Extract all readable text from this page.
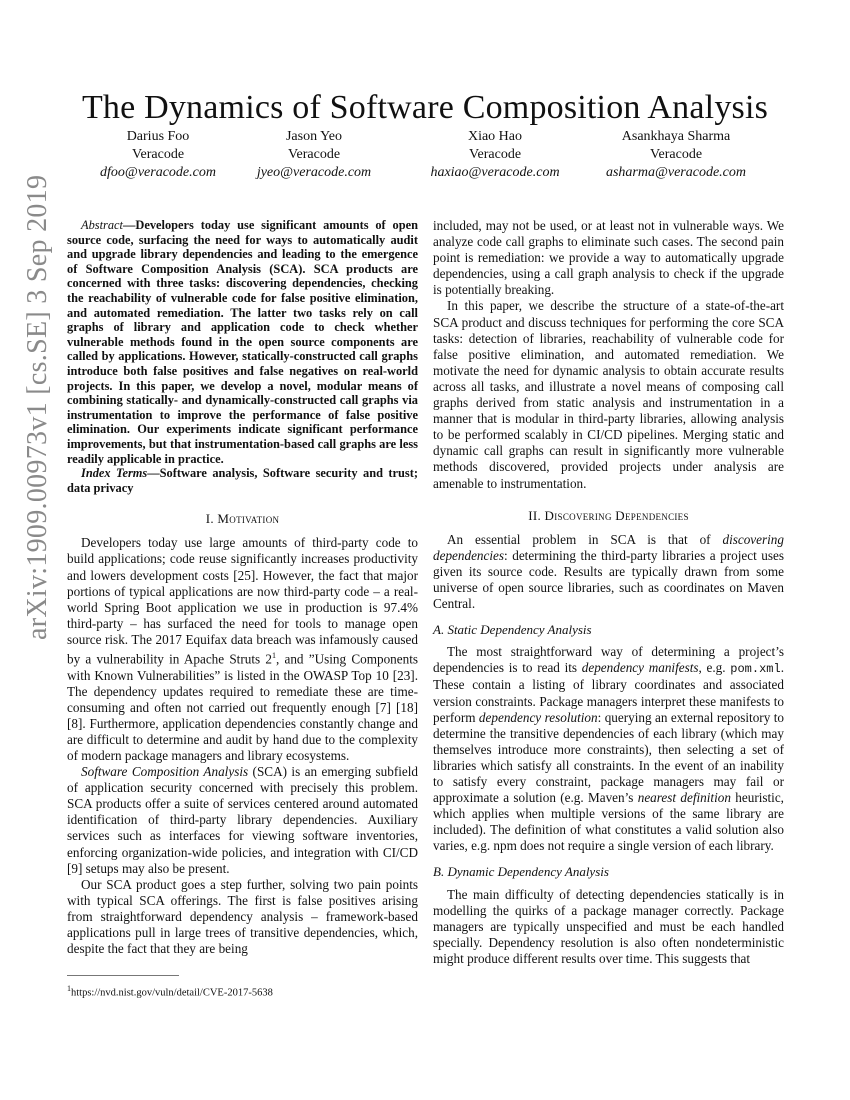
arXiv:1909.00973v1 [cs.SE] 3 Sep 2019
The Dynamics of Software Composition Analysis
Darius Foo
Veracode
dfoo@veracode.com
Jason Yeo
Veracode
jyeo@veracode.com
Xiao Hao
Veracode
haxiao@veracode.com
Asankhaya Sharma
Veracode
asharma@veracode.com

Abstract—Developers today use significant amounts of open source code, surfacing the need for ways to automatically audit and upgrade library dependencies and leading to the emergence of Software Composition Analysis (SCA). SCA products are concerned with three tasks: discovering dependencies, checking the reachability of vulnerable code for false positive elimination, and automated remediation. The latter two tasks rely on call graphs of library and application code to check whether vulnerable methods found in the open source components are called by applications. However, statically-constructed call graphs introduce both false positives and false negatives on real-world projects. In this paper, we develop a novel, modular means of combining statically- and dynamically-constructed call graphs via instrumentation to improve the performance of false positive elimination. Our experiments indicate significant performance improvements, but that instrumentation-based call graphs are less readily applicable in practice.

Index Terms—Software analysis, Software security and trust; data privacy

I. Motivation

Developers today use large amounts of third-party code to build applications; code reuse significantly increases productivity and lowers development costs [25]. However, the fact that major portions of typical applications are now third-party code – a real-world Spring Boot application we use in production is 97.4% third-party – has surfaced the need for tools to manage open source risk. The 2017 Equifax data breach was infamously caused by a vulnerability in Apache Struts $2^1$, and ”Using Components with Known Vulnerabilities” is listed in the OWASP Top 10 [23]. The dependency updates required to remediate these are time-consuming and often not carried out frequently enough [7] [18] [8]. Furthermore, application dependencies constantly change and are difficult to determine and audit by hand due to the complexity of modern package managers and library ecosystems.

Software Composition Analysis (SCA) is an emerging subfield of application security concerned with precisely this problem. SCA products offer a suite of services centered around automated identification of third-party library dependencies. Auxiliary services such as interfaces for viewing software inventories, enforcing organization-wide policies, and integration with CI/CD [9] setups may also be present.

Our SCA product goes a step further, solving two pain points with typical SCA offerings. The first is false positives arising from straightforward dependency analysis – framework-based applications pull in large trees of transitive dependencies, which, despite the fact that they are being

included, may not be used, or at least not in vulnerable ways. We analyze code call graphs to eliminate such cases. The second pain point is remediation: we provide a way to automatically upgrade dependencies, using a call graph analysis to check if the upgrade is potentially breaking.

In this paper, we describe the structure of a state-of-the-art SCA product and discuss techniques for performing the core SCA tasks: detection of libraries, reachability of vulnerable code for false positive elimination, and automated remediation. We motivate the need for dynamic analysis to obtain accurate results across all tasks, and illustrate a novel means of composing call graphs derived from static analysis and instrumentation in a manner that is modular in third-party libraries, allowing analysis to be performed scalably in CI/CD pipelines. Merging static and dynamic call graphs can result in significantly more vulnerable methods discovered, provided projects under analysis are amenable to instrumentation.

II. Discovering Dependencies

An essential problem in SCA is that of discovering dependencies: determining the third-party libraries a project uses given its source code. Results are typically drawn from some universe of open source libraries, such as coordinates on Maven Central.

A. Static Dependency Analysis

The most straightforward way of determining a project’s dependencies is to read its dependency manifests, e.g. pom.xml. These contain a listing of library coordinates and associated version constraints. Package managers interpret these manifests to perform dependency resolution: querying an external repository to determine the transitive dependencies of each library (which may themselves introduce more constraints), then selecting a set of libraries which satisfy all constraints. In the event of an inability to satisfy every constraint, package managers may fail or approximate a solution (e.g. Maven’s nearest definition heuristic, which applies when multiple versions of the same library are included). The definition of what constitutes a valid solution also varies, e.g. npm does not require a single version of each library.

B. Dynamic Dependency Analysis

The main difficulty of detecting dependencies statically is in modelling the quirks of a package manager correctly. Package managers are typically unspecified and must be each handled specially. Dependency resolution is also often nondeterministic might produce different results over time. This suggests that

$^1$https://nvd.nist.gov/vuln/detail/CVE-2017-5638
